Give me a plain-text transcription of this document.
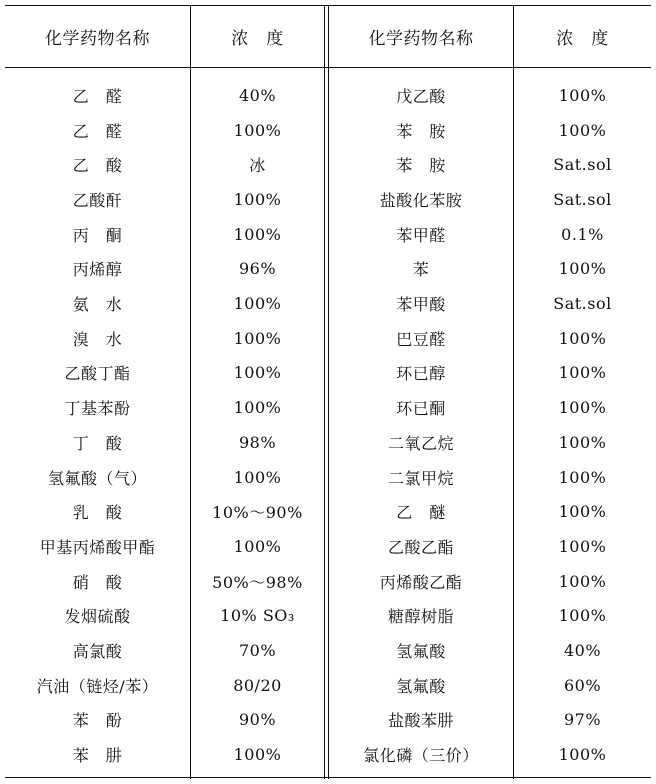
化学药物名称	浓　度	化学药物名称	浓　度
乙　醛	40%	戊乙酸	100%
乙　醛	100%	苯　胺	100%
乙　酸	冰	苯　胺	Sat.sol
乙酸酐	100%	盐酸化苯胺	Sat.sol
丙　酮	100%	苯甲醛	0.1%
丙烯醇	96%	苯	100%
氨　水	100%	苯甲酸	Sat.sol
溴　水	100%	巴豆醛	100%
乙酸丁酯	100%	环已醇	100%
丁基苯酚	100%	环已酮	100%
丁　酸	98%	二氧乙烷	100%
氢氟酸（气）	100%	二氯甲烷	100%
乳　酸	10%～90%	乙　醚	100%
甲基丙烯酸甲酯	100%	乙酸乙酯	100%
硝　酸	50%～98%	丙烯酸乙酯	100%
发烟硫酸	10% SO₃	糖醇树脂	100%
高氯酸	70%	氢氟酸	40%
汽油（链烃/苯）	80/20	氢氟酸	60%
苯　酚	90%	盐酸苯肼	97%
苯　肼	100%	氯化磷（三价）	100%
